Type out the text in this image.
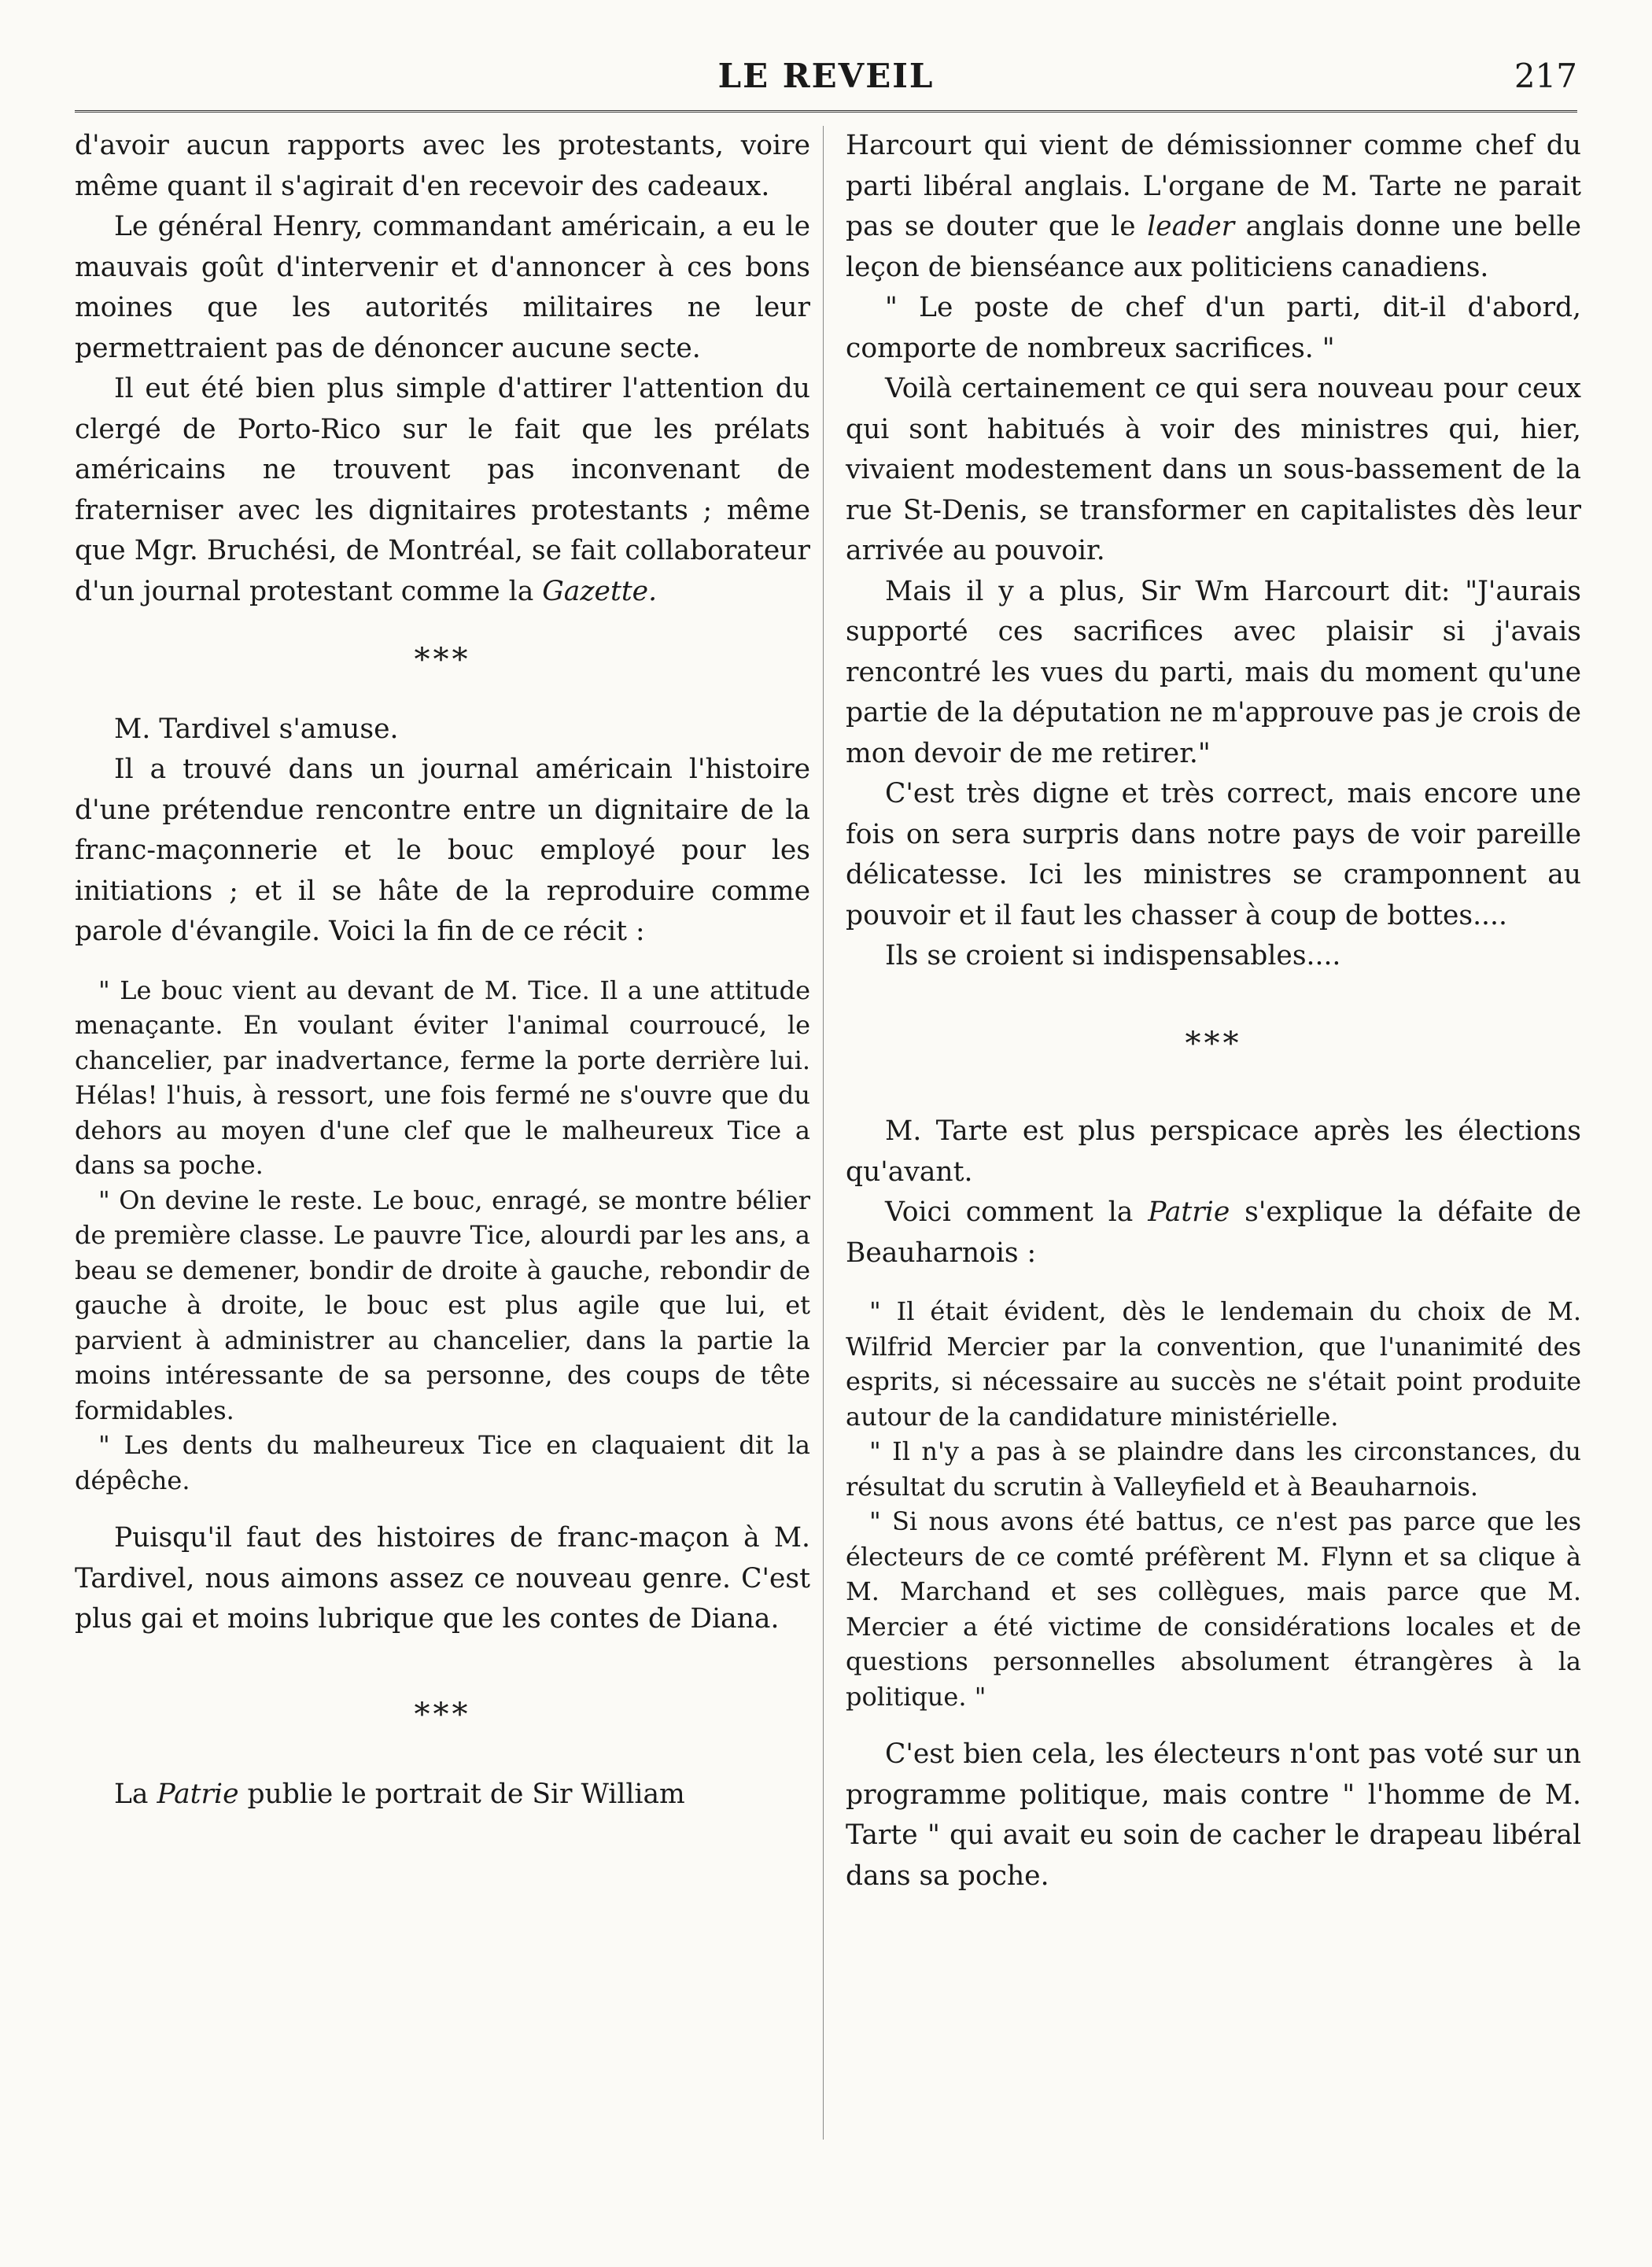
LE REVEIL	217

d'avoir aucun rapports avec les protestants, voire même quant il s'agirait d'en recevoir des cadeaux.

Le général Henry, commandant américain, a eu le mauvais goût d'intervenir et d'annoncer à ces bons moines que les autorités militaires ne leur permettraient pas de dénoncer aucune secte.

Il eut été bien plus simple d'attirer l'attention du clergé de Porto-Rico sur le fait que les prélats américains ne trouvent pas inconvenant de fraterniser avec les dignitaires protestants ; même que Mgr. Bruchési, de Montréal, se fait collaborateur d'un journal protestant comme la Gazette.

***

M. Tardivel s'amuse.

Il a trouvé dans un journal américain l'histoire d'une prétendue rencontre entre un dignitaire de la franc-maçonnerie et le bouc employé pour les initiations ; et il se hâte de la reproduire comme parole d'évangile. Voici la fin de ce récit :

" Le bouc vient au devant de M. Tice. Il a une attitude menaçante. En voulant éviter l'animal courroucé, le chancelier, par inadvertance, ferme la porte derrière lui. Hélas! l'huis, à ressort, une fois fermé ne s'ouvre que du dehors au moyen d'une clef que le malheureux Tice a dans sa poche.

" On devine le reste. Le bouc, enragé, se montre bélier de première classe. Le pauvre Tice, alourdi par les ans, a beau se demener, bondir de droite à gauche, rebondir de gauche à droite, le bouc est plus agile que lui, et parvient à administrer au chancelier, dans la partie la moins intéressante de sa personne, des coups de tête formidables.

" Les dents du malheureux Tice en claquaient dit la dépêche.

Puisqu'il faut des histoires de franc-maçon à M. Tardivel, nous aimons assez ce nouveau genre. C'est plus gai et moins lubrique que les contes de Diana.

***

La Patrie publie le portrait de Sir William

Harcourt qui vient de démissionner comme chef du parti libéral anglais. L'organe de M. Tarte ne parait pas se douter que le leader anglais donne une belle leçon de bienséance aux politiciens canadiens.

" Le poste de chef d'un parti, dit-il d'abord, comporte de nombreux sacrifices. "

Voilà certainement ce qui sera nouveau pour ceux qui sont habitués à voir des ministres qui, hier, vivaient modestement dans un sous-bassement de la rue St-Denis, se transformer en capitalistes dès leur arrivée au pouvoir.

Mais il y a plus, Sir Wm Harcourt dit: "J'aurais supporté ces sacrifices avec plaisir si j'avais rencontré les vues du parti, mais du moment qu'une partie de la députation ne m'approuve pas je crois de mon devoir de me retirer."

C'est très digne et très correct, mais encore une fois on sera surpris dans notre pays de voir pareille délicatesse. Ici les ministres se cramponnent au pouvoir et il faut les chasser à coup de bottes....

Ils se croient si indispensables....

***

M. Tarte est plus perspicace après les élections qu'avant.

Voici comment la Patrie s'explique la défaite de Beauharnois :

" Il était évident, dès le lendemain du choix de M. Wilfrid Mercier par la convention, que l'unanimité des esprits, si nécessaire au succès ne s'était point produite autour de la candidature ministérielle.

" Il n'y a pas à se plaindre dans les circonstances, du résultat du scrutin à Valleyfield et à Beauharnois.

" Si nous avons été battus, ce n'est pas parce que les électeurs de ce comté préfèrent M. Flynn et sa clique à M. Marchand et ses collègues, mais parce que M. Mercier a été victime de considérations locales et de questions personnelles absolument étrangères à la politique. "

C'est bien cela, les électeurs n'ont pas voté sur un programme politique, mais contre " l'homme de M. Tarte " qui avait eu soin de cacher le drapeau libéral dans sa poche.
